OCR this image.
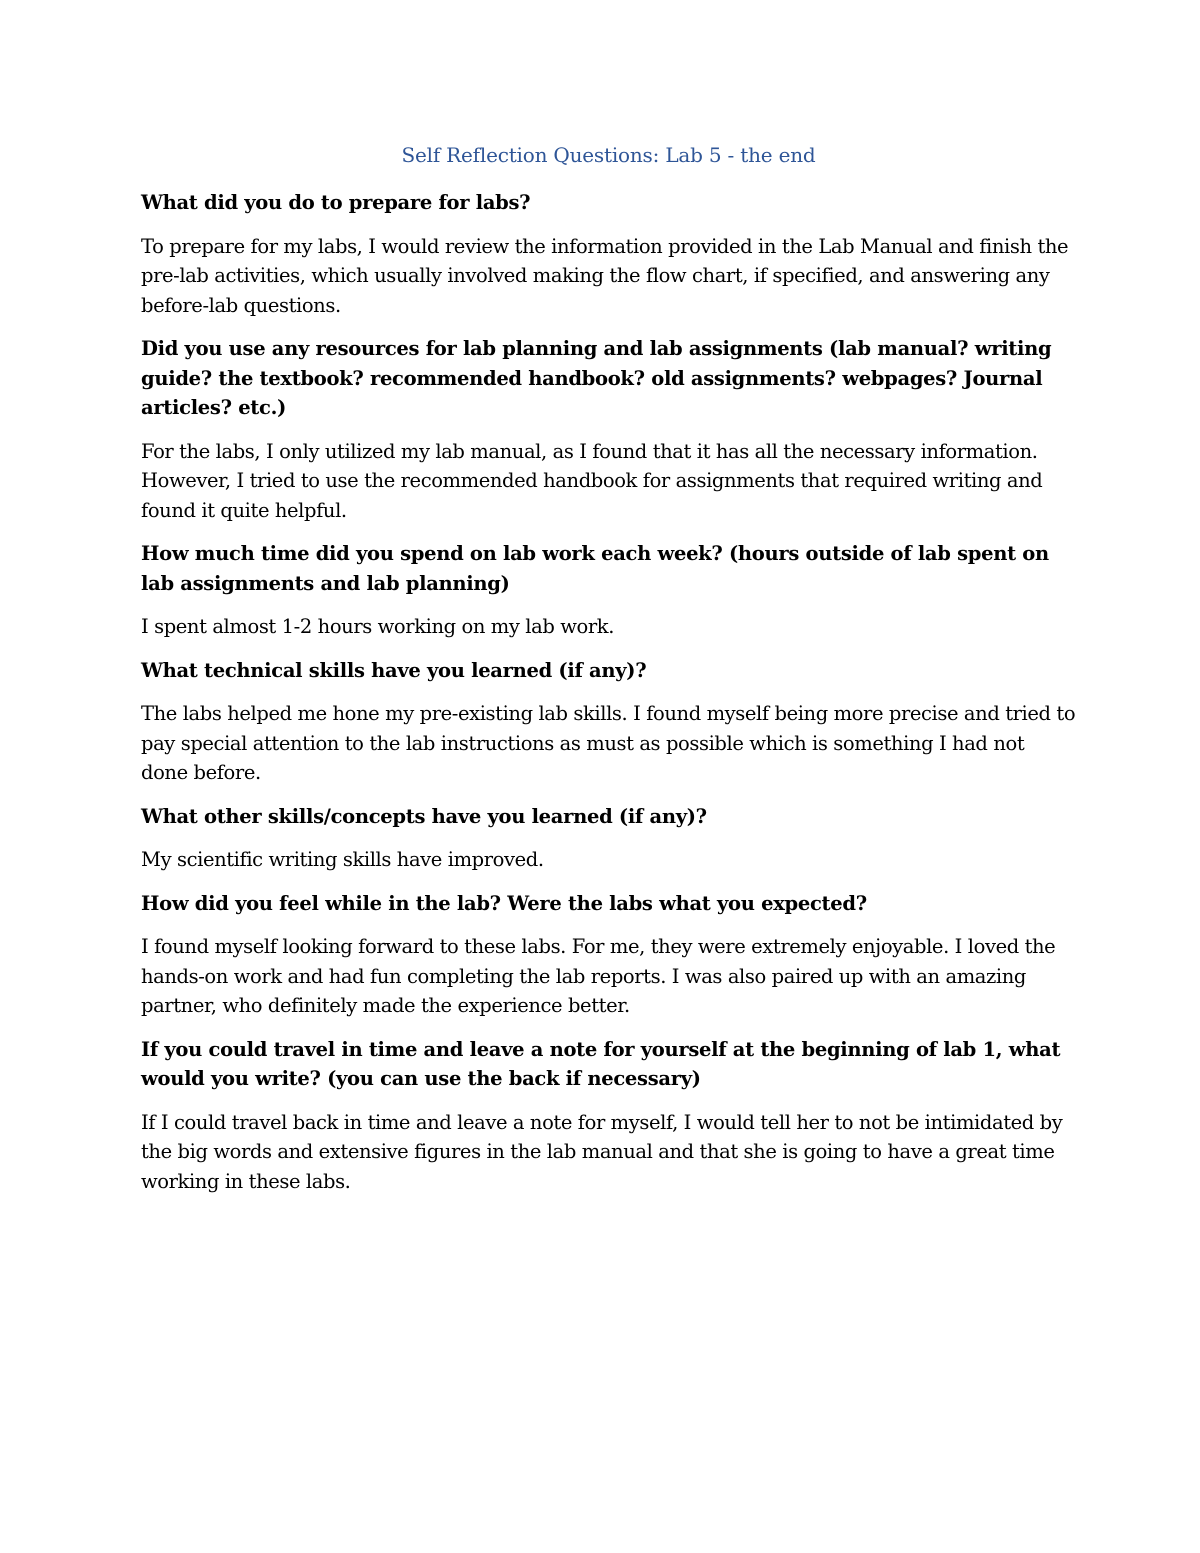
Self Reflection Questions: Lab 5 - the end

What did you do to prepare for labs?

To prepare for my labs, I would review the information provided in the Lab Manual and finish the pre-lab activities, which usually involved making the flow chart, if specified, and answering any before-lab questions.

Did you use any resources for lab planning and lab assignments (lab manual? writing guide? the textbook? recommended handbook? old assignments? webpages? Journal articles? etc.)

For the labs, I only utilized my lab manual, as I found that it has all the necessary information. However, I tried to use the recommended handbook for assignments that required writing and found it quite helpful.

How much time did you spend on lab work each week? (hours outside of lab spent on lab assignments and lab planning)

I spent almost 1-2 hours working on my lab work.

What technical skills have you learned (if any)?

The labs helped me hone my pre-existing lab skills. I found myself being more precise and tried to pay special attention to the lab instructions as must as possible which is something I had not done before.

What other skills/concepts have you learned (if any)?

My scientific writing skills have improved.

How did you feel while in the lab? Were the labs what you expected?

I found myself looking forward to these labs. For me, they were extremely enjoyable. I loved the hands-on work and had fun completing the lab reports. I was also paired up with an amazing partner, who definitely made the experience better.

If you could travel in time and leave a note for yourself at the beginning of lab 1, what would you write? (you can use the back if necessary)

If I could travel back in time and leave a note for myself, I would tell her to not be intimidated by the big words and extensive figures in the lab manual and that she is going to have a great time working in these labs.
